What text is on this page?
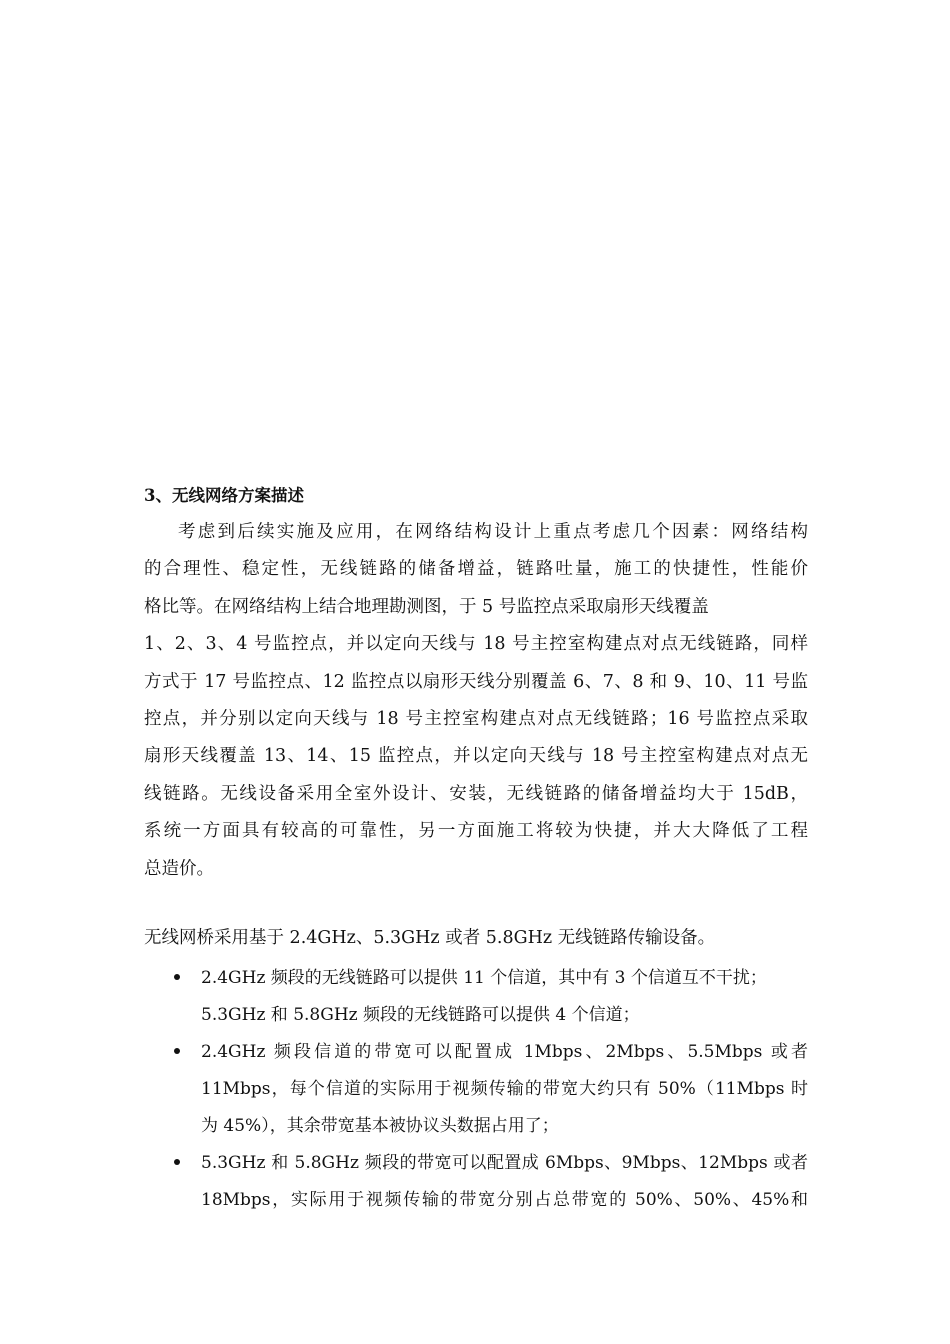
3、无线网络方案描述
考虑到后续实施及应用，在网络结构设计上重点考虑几个因素：网络结构
的合理性、稳定性，无线链路的储备增益，链路吐量，施工的快捷性，性能价
格比等。在网络结构上结合地理勘测图，于 5 号监控点采取扇形天线覆盖
1、2、3、4 号监控点，并以定向天线与 18 号主控室构建点对点无线链路，同样
方式于 17 号监控点、12 监控点以扇形天线分别覆盖 6、7、8 和 9、10、11 号监
控点，并分别以定向天线与 18 号主控室构建点对点无线链路；16 号监控点采取
扇形天线覆盖 13、14、15 监控点，并以定向天线与 18 号主控室构建点对点无
线链路。无线设备采用全室外设计、安装，无线链路的储备增益均大于 15dB，
系统一方面具有较高的可靠性，另一方面施工将较为快捷，并大大降低了工程
总造价。
无线网桥采用基于 2.4GHz、5.3GHz 或者 5.8GHz 无线链路传输设备。
2.4GHz 频段的无线链路可以提供 11 个信道，其中有 3 个信道互不干扰；
5.3GHz 和 5.8GHz 频段的无线链路可以提供 4 个信道；
2.4GHz 频段信道的带宽可以配置成 1Mbps、2Mbps、5.5Mbps 或者
11Mbps，每个信道的实际用于视频传输的带宽大约只有 50%（11Mbps 时
为 45%），其余带宽基本被协议头数据占用了；
5.3GHz 和 5.8GHz 频段的带宽可以配置成 6Mbps、9Mbps、12Mbps 或者
18Mbps，实际用于视频传输的带宽分别占总带宽的 50%、50%、45%和
